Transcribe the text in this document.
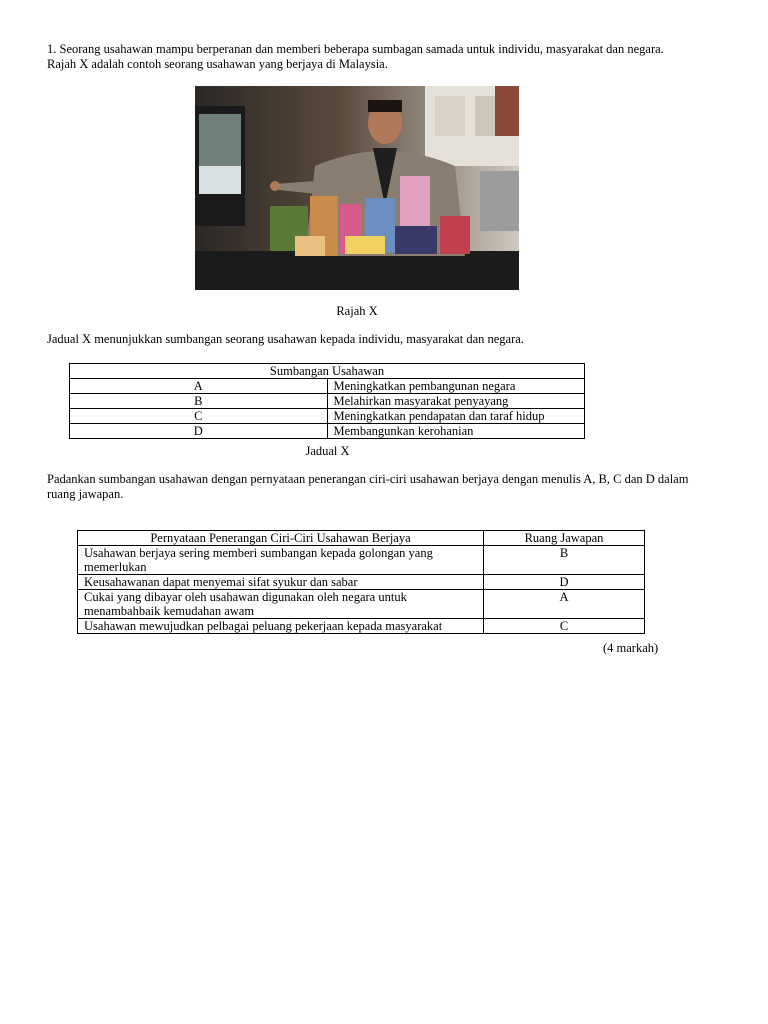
1. Seorang usahawan mampu berperanan dan memberi beberapa sumbagan samada untuk individu, masyarakat dan negara.

Rajah X adalah contoh seorang usahawan yang berjaya di Malaysia.

Rajah X

Jadual X menunjukkan sumbangan seorang usahawan kepada individu, masyarakat dan negara.

Sumbangan Usahawan	
A	Meningkatkan pembangunan negara
B	Melahirkan masyarakat penyayang
C	Meningkatkan pendapatan dan taraf hidup
D	Membangunkan kerohanian
Jadual X

Padankan sumbangan usahawan dengan pernyataan penerangan ciri-ciri usahawan berjaya dengan menulis A, B, C dan D dalam

ruang jawapan.

Pernyataan Penerangan Ciri-Ciri Usahawan Berjaya	Ruang Jawapan
Usahawan berjaya sering memberi sumbangan kepada golongan yang memerlukan	B
Keusahawanan dapat menyemai sifat syukur dan sabar	D
Cukai yang dibayar oleh usahawan digunakan oleh negara untuk menambahbaik kemudahan awam	A
Usahawan mewujudkan pelbagai peluang pekerjaan kepada masyarakat	C
(4 markah)
